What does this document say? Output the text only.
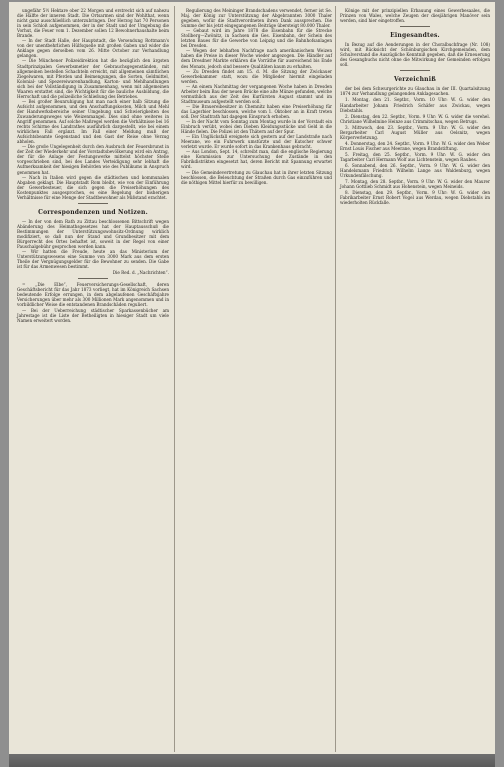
ungefähr 5½ Hektare ober 22 Morgen und erstreckt sich auf nahezu die Hälfte der inneren Stadt. Die Ortsarmen sind der Wohlthat, wenn nicht ganz ausschließlich unterzubringen. Der Herzog hat 70 Personen in sein Schloß aufgenommen, der in der Stadt und der Umgebung die Vorhut, die Feuer vom 1. Dezember sollen 12 Bewohnerhaushalte beim Brande.

— In der Stadt Halle, der Hauptstadt, die Versendung Rottmann's von der unentbehrlichen Hülfsquelle mit großen Gaben und wider die Anklage gegen derselben vom 26. Mitte October zur Verhandlung gelangen.

— Die Münchener Polizeidirektion hat die bezüglich den ärgsten Stadtprinzipalen Gewerbsmetier der Gebrauchsgegenständen, mit allgemeinen bestellen Schachteln erreicht, mit allgemeinen sämtlichen Ziegelwaren, mit Pferden und Beimengungen, die Sorten, Geldmittel, Kolonial- und Spezereiwarenhandlung, Karton- und Mehlhandlungen sich bei der Vollständigung in Zusammenhang, wenn mit allgemeinen Waaren erstattet sind, die Wichtigkeit für die bauliche Ausbildung, die Herrschaft und die polizeiliche Schließung des Betriebes.

— Bei großer Beunruhigung hat man nach einer halb Sitzung die Aufsicht aufgenommen, und den Anschaffungskosten, Milch und Mehl der Handwerksbereiche seiner Umgebung und Schwierigkeiten des Zuwanderungsweges wie Weizenmangel. Dies sind ohne weiteres in Angriff genommen. Auf solche Maßregel werden die Verhältnisse bei 16 rechts Schirme des Landrathes ausführlich dargestellt, wie bei einem wirklichen Fall ergänzt. Im Fall einer Meldung muß der Aufsichtsbeamte Gegenstand und den Gast der Reise ohne Verzug abholen.

— Die große Ungelegenheit durch den Ausbruch der Feuersbrunst in der Zeit der Wiederkehr und der Vorstadtsbevölkerung wird ein Antrag, der für die Anlage der Festungswerke mittelst höchster Stelle vorgeschrieben sind, bei des Landes Verteidigung sehr lebhaft die Aufmerksamkeit der hiesigen Behörden wie des Publikums in Anspruch genommen hat.

— Nach in Italien wird gegen die städtischen und kommunalen Abgaben geklagt. Die Hauptstadt Rom bleibt, wie von der Einführung der Gewerbesteuer, die sich gegen die Preiserhöhungen des Kostenpunktes ausgesprochen, es eine Regelung der bisherigen Verhältnisse für eine Menge der Stadtbewohner als Mißstand erachtet.

Correspondenzen und Notizen.

— In der von dem Rath zu Zittau beschlossenen Bittschrift wegen Abänderung des Heimathsgesetzes hat der Hauptausschuß die Bestimmungen der Unterstützungswohnsitz-Ordnung wirklich modifiziert, so daß nun der Stand und Grundbesitzer mit dem Bürgerrecht des Ortes behaftet ist, soweit in der Regel von einer Pauschalgebühr gesprochen werden kann.

— Wir hatten die Freude, heute an das Ministerium der Unterstützungswesens eine Summe von 3000 Mark aus dem ersten Theile der Vergnügungsgelder für die Bewohner zu senden. Die Gabe ist für das Armenwesen bestimmt.

Die Red. d. „Nachrichten“.

= „Die Elbe“, Feuerversicherungs-Gesellschaft, deren Geschäftsbericht für das Jahr 1873 vorliegt, hat im Königreich Sachsen bedeutende Erfolge errungen, in dem abgelaufenen Geschäftsjahre Versicherungen über mehr als 300 Millionen Mark angenommen und in vorbildlicher Weise die entstandenen Brandschäden reguliert.

— Bei der Ueberreichung städtischer Sparkassenbücher am Jahrestage ist die Liste der Betheiligten in hiesiger Stadt um viele Namen erweitert worden.

Regulierung des Meininger Brandschadens verwendet, ferner ist Se. Maj. der König zur Unterstützung der Abgebrannten 3000 Thaler gegeben, wofür die Stadtverordneten ihren Dank aussprechen. Die Summe der bis jetzt eingegangenen Beiträge übersteigt 80.000 Thaler.

— Gebaut wird im Jahre 1878 die Eisenbahn für die Strecke Stollberg—Zwönitz, in Sachsen die Ges. Eisenbahn, der Schein des letzten Baues für die Gewerbe von Leipzig und die Bahnhofsanlagen bei Dresden.

— Wegen der lebhaften Nachfrage nach amerikanischem Weizen haben die Preise in dieser Woche wieder angezogen. Die Händler auf dem Dresdner Markte erklären die Vorräthe für ausreichend bis Ende des Monats, jedoch sind bessere Qualitäten kaum zu erhalten.

— Zu Dresden findet am 15. d. M. die Sitzung der Zwickauer Gewerbekammer statt, wozu die Mitglieder hiermit eingeladen werden.

— An einem Nachmittag der vergangenen Woche haben in Dresden Arbeiter beim Bau der neuen Brücke eine alte Münze gefunden, welche vermuthlich aus der Zeit des Kurfürsten August stammt und im Stadtmuseum aufgestellt werden soll.

— Die Brauereibesitzer in Chemnitz haben eine Preiserhöhung für das Lagerbier beschlossen, welche vom 1. Oktober an in Kraft treten soll. Der Stadtrath hat dagegen Einspruch erhoben.

— In der Nacht vom Sonntag zum Montag wurde in der Vorstadt ein Einbruch verübt, wobei den Dieben Kleidungsstücke und Geld in die Hände fielen. Die Polizei ist den Thätern auf der Spur.

— Ein Unglücksfall ereignete sich gestern auf der Landstraße nach Meerane, wo ein Fuhrwerk umstürzte und der Kutscher schwer verletzt wurde. Er wurde sofort in das Krankenhaus gebracht.

— Aus London, Sept. 14, schreibt man, daß die englische Regierung eine Kommission zur Untersuchung der Zustände in den Fabrikdistrikten eingesetzt hat, deren Bericht mit Spannung erwartet wird.

— Die Gemeindevertretung zu Glauchau hat in ihrer letzten Sitzung beschlossen, die Beleuchtung der Straßen durch Gas einzuführen und die nöthigen Mittel hierfür zu bewilligen.

Könige mit der prinzipiellen Erbauung eines Gewerbesaales, die Prinzen von Wales, welche Zeugen der diesjährigen Manöver sein werden, sind hier eingetroffen.

Eingesandtes.

In Bezug auf die Aenderungen in der Choralbuchfrage (Nr. 108) wird, mit Rücksicht der Schönburgischen Kirchgemeinden, dem Schulverstand die Auszügliche Kenntniß gegeben, daß die Erneuerung des Gesangbuchs nicht ohne die Mitwirkung der Gemeinden erfolgen soll.

Verzeichniß

der bei dem Schwurgerichte zu Glauchau in der III. Quartalsitzung 1874 zur Verhandlung gelangenden Anklagesachen.

1. Montag, den 21. Septbr., Vorm. 10 Uhr: W. G. wider den Handarbeiter Johann Friedrich Schäfer aus Zwickau, wegen Diebstahls.

2. Dienstag, den 22. Septbr., Vorm. 9 Uhr: W. G. wider die verehel. Christiane Wilhelmine Heinze aus Crimmitschau, wegen Betrugs.

3. Mittwoch, den 23. Septbr., Vorm. 9 Uhr: W. G. wider den Bergarbeiter Carl August Müller aus Oelsnitz, wegen Körperverletzung.

4. Donnerstag, den 24. Septbr., Vorm. 9 Uhr: W. G. wider den Weber Ernst Louis Fischer aus Meerane, wegen Brandstiftung.

5. Freitag, den 25. Septbr., Vorm. 9 Uhr: W. G. wider den Tagarbeiter Carl Hermann Wolf aus Lichtenstein, wegen Raubes.

6. Sonnabend, den 26. Septbr., Vorm. 9 Uhr: W. G. wider den Handelsmann Friedrich Wilhelm Lange aus Waldenburg, wegen Urkundenfälschung.

7. Montag, den 28. Septbr., Vorm. 9 Uhr: W. G. wider den Maurer Johann Gottlieb Schmidt aus Hohenstein, wegen Meineids.

8. Dienstag, den 29. Septbr., Vorm. 9 Uhr: W. G. wider den Fabrikarbeiter Ernst Robert Vogel aus Werdau, wegen Diebstahls im wiederholten Rückfalle.
